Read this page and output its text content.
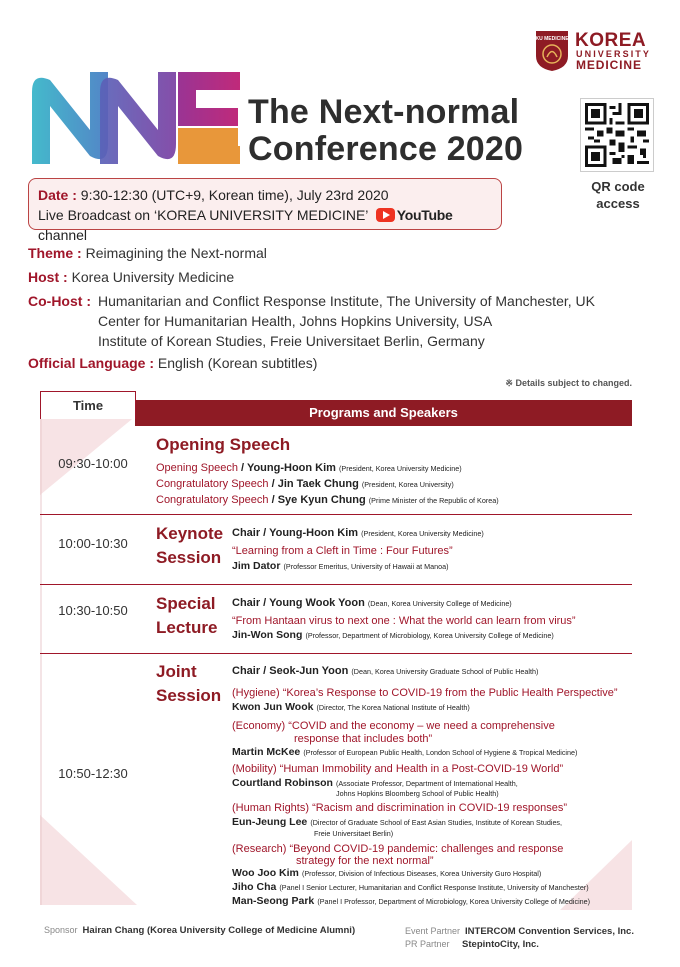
The Next-normal
Conference 2020
KU MEDICINE KOREA
UNIVERSITY
MEDICINE
QR code access
Date : 9:30-12:30 (UTC+9, Korean time), July 23rd 2020
Live Broadcast on ‘KOREA UNIVERSITY MEDICINE’ YouTube channel
Theme : Reimagining the Next-normal
Host : Korea University Medicine
Co-Host : Humanitarian and Conflict Response Institute, The University of Manchester, UK
Center for Humanitarian Health, Johns Hopkins University, USA
Institute of Korean Studies, Freie Universitaet Berlin, Germany
Official Language : English (Korean subtitles)
※ Details subject to changed.
Programs and Speakers
Time
09:30-10:00
Opening Speech
Opening Speech / Young-Hoon Kim (President, Korea University Medicine)
Congratulatory Speech / Jin Taek Chung (President, Korea University)
Congratulatory Speech / Sye Kyun Chung (Prime Minister of the Republic of Korea)
10:00-10:30
Keynote
Session
Chair / Young-Hoon Kim (President, Korea University Medicine)
“Learning from a Cleft in Time : Four Futures”
Jim Dator (Professor Emeritus, University of Hawaii at Manoa)
10:30-10:50	Special
Lecture
Chair / Young Wook Yoon (Dean, Korea University College of Medicine)
“From Hantaan virus to next one : What the world can learn from virus”
Jin-Won Song (Professor, Department of Microbiology, Korea University College of Medicine)
10:50-12:30
Joint
Session
Chair / Seok-Jun Yoon (Dean, Korea University Graduate School of Public Health)
(Hygiene) “Korea’s Response to COVID-19 from the Public Health Perspective”
Kwon Jun Wook (Director, The Korea National Institute of Health)
(Economy) “COVID and the economy – we need a comprehensive
response that includes both”
Martin McKee (Professor of European Public Health, London School of Hygiene & Tropical Medicine)
(Mobility) “Human Immobility and Health in a Post-COVID-19 World”
Courtland Robinson (Associate Professor, Department of International Health,
Johns Hopkins Bloomberg School of Public Health)
(Human Rights) “Racism and discrimination in COVID-19 responses”
Eun-Jeung Lee (Director of Graduate School of East Asian Studies, Institute of Korean Studies,
Freie Universitaet Berlin)
(Research) “Beyond COVID-19 pandemic: challenges and response
strategy for the next normal”
Woo Joo Kim (Professor, Division of Infectious Diseases, Korea University Guro Hospital)
Jiho Cha (Panel I Senior Lecturer, Humanitarian and Conflict Response Institute, University of Manchester)
Man-Seong Park (Panel I Professor, Department of Microbiology, Korea University College of Medicine)
Sponsor Hairan Chang (Korea University College of Medicine Alumni)	Event Partner INTERCOM Convention Services, Inc.
PR Partner StepintoCity, Inc.
